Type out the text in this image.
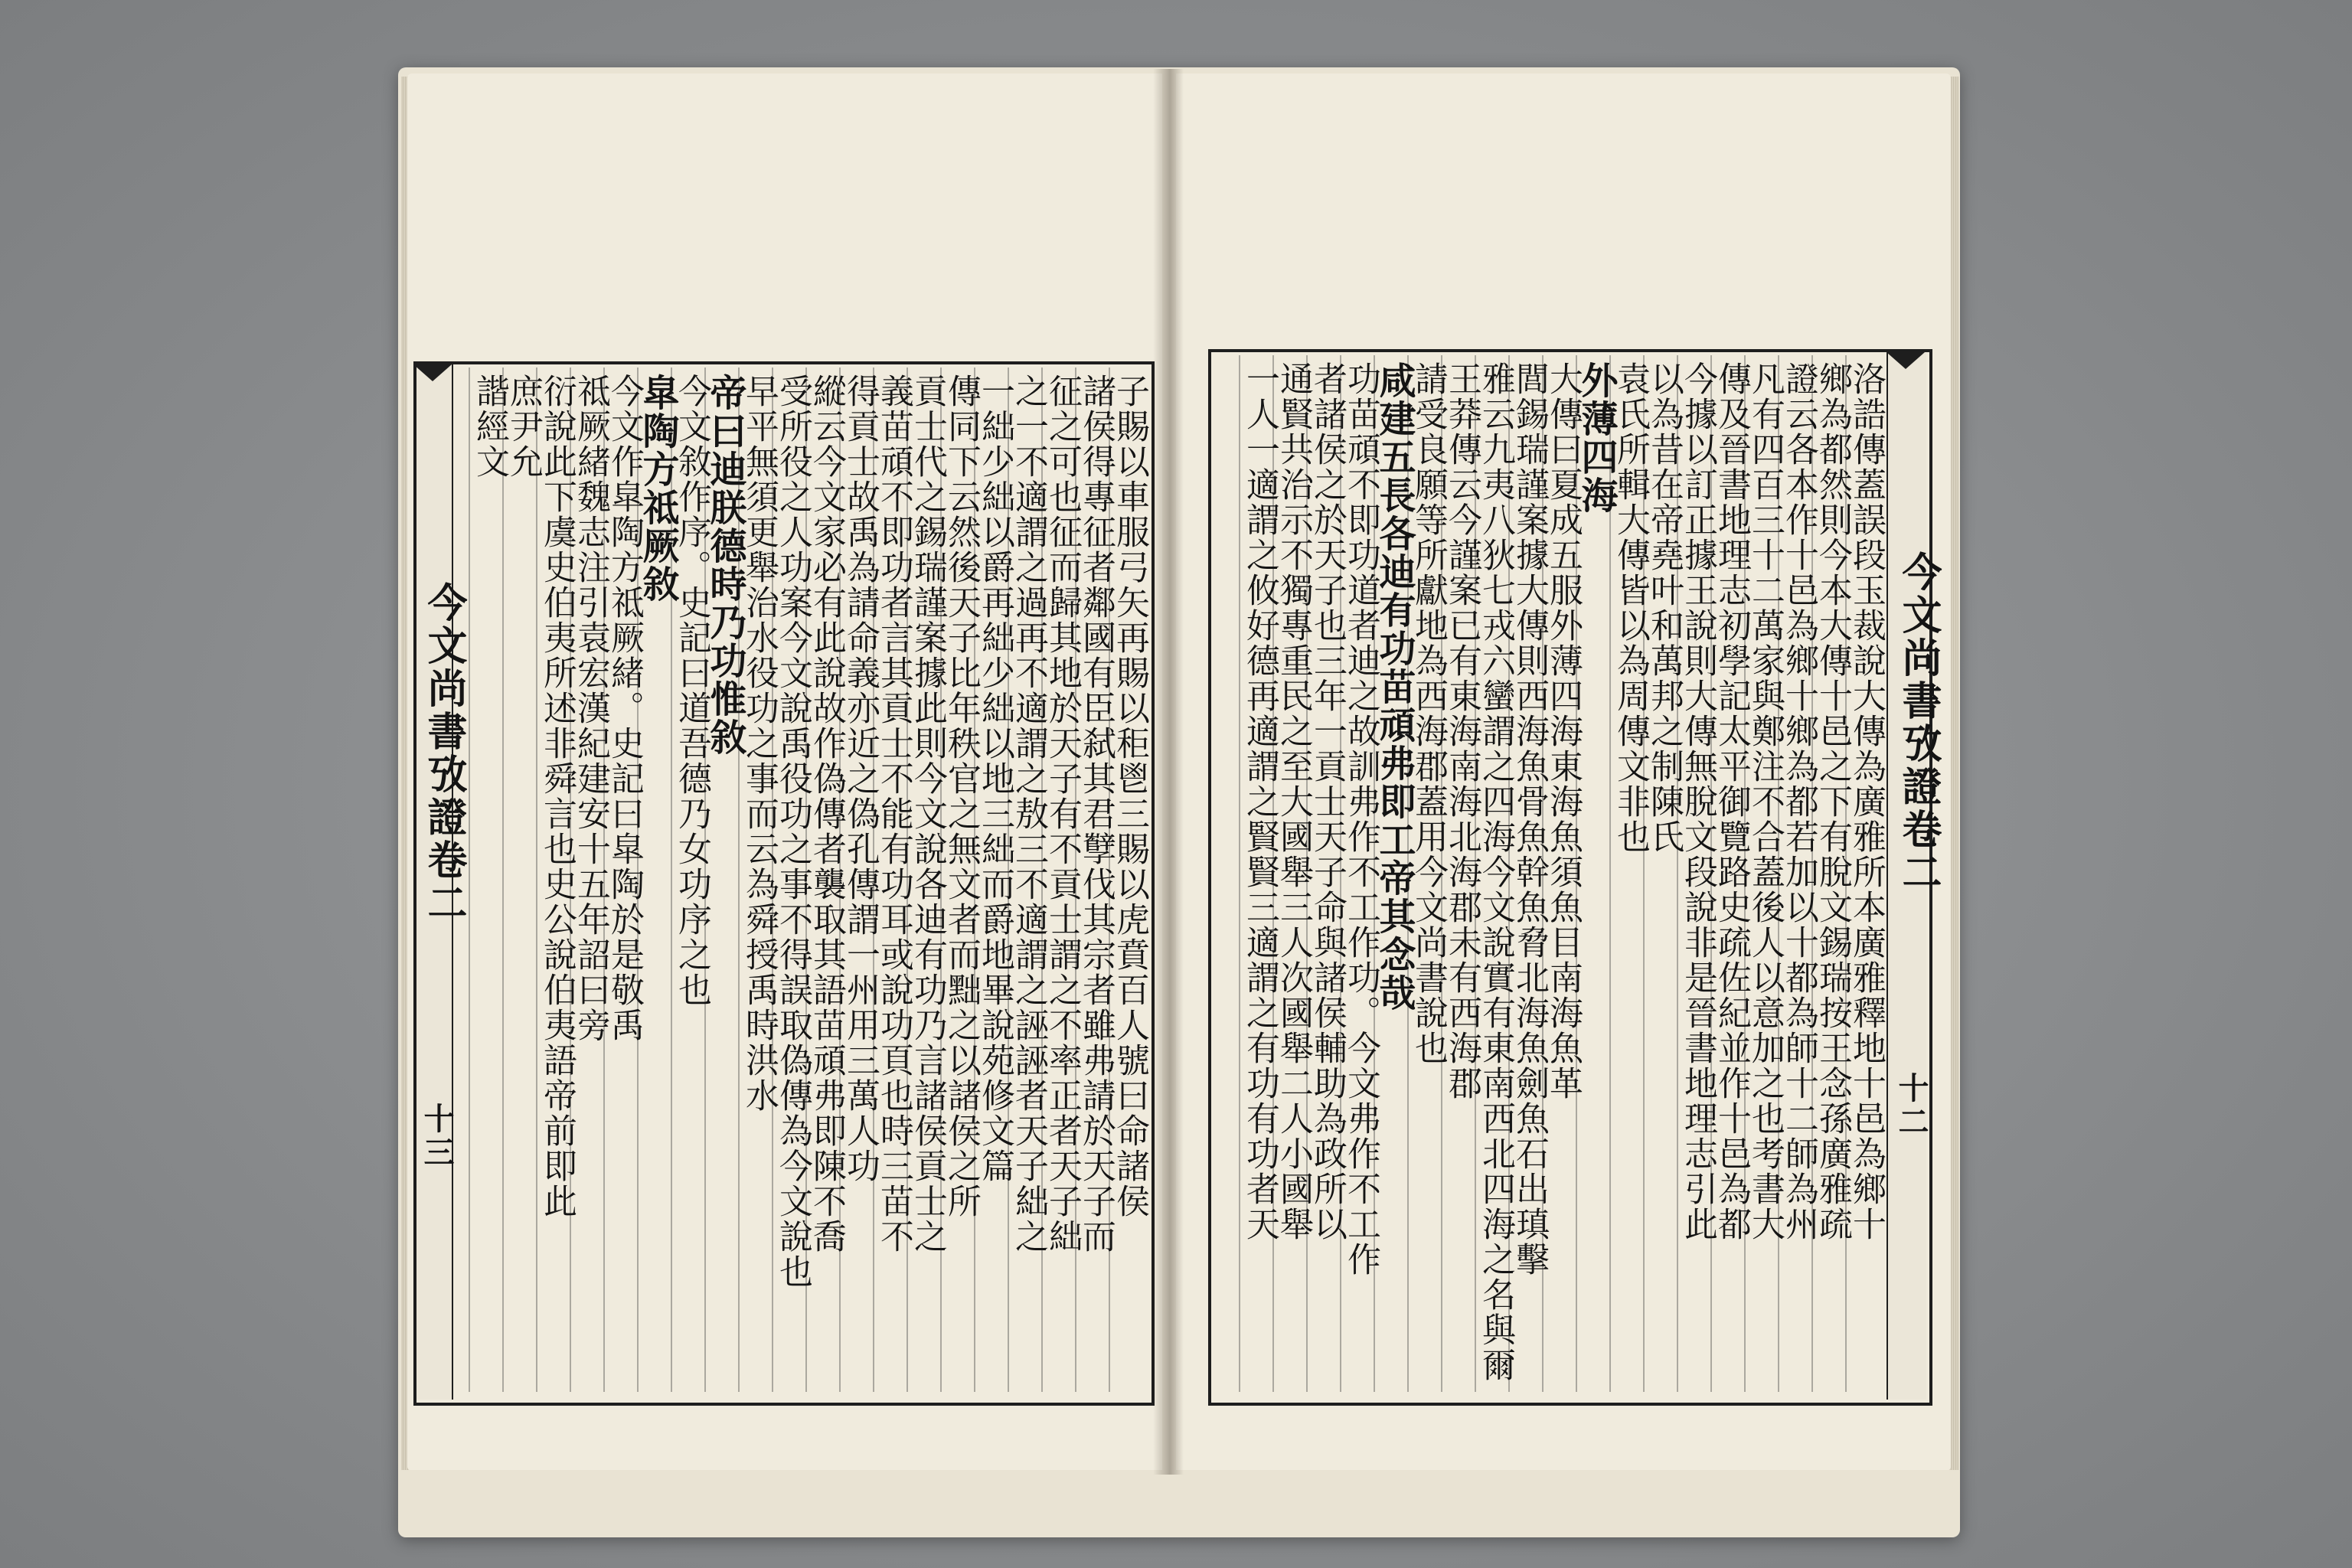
今文尚書攷證卷二
十三	子賜以車服弓矢再賜以秬鬯三賜以虎賁百人號曰命諸侯
諸侯得專征者鄰國有臣弑其君孼伐其宗者雖弗請於天子而
征之可也征而歸其地於天子有不貢士謂之不率正者天子絀
之一不適謂之過再不適謂之敖三不適謂之誣誣者天子絀之
一絀少絀以爵再絀少絀以地三絀而爵地畢說苑修文篇
傳同下云然後天子比年秩官之無文者而黜之以諸侯之所
貢士代之錫瑞謹案據此則今文說各迪有功乃言諸侯貢士之
義苗頑不即功者言其貢士不能有功耳或說功頁也時三苗不
得貢士故禹為請命義亦近之偽孔傳謂一州用三萬人功
縱云今文家必有此說故作偽傳者襲取其語苗頑弗即陳不喬
受所役之人功案今文說禹役功之事不得誤取偽傳為今文說也
早平無須更舉治水役功之事而云為舜授禹時洪水
帝曰迪朕德時乃功惟敘
今文敘作序。史記曰道吾德乃女功序之也
皐陶方祗厥敘
今文作皐陶方祗厥緒。史記曰皐陶於是敬禹
祗厥緒魏志注引袁宏漢紀建安十五年詔曰旁
衍說此下虞史伯夷所述非舜言也史公說伯夷語帝前即此
庶尹允
諧經文
今文尚書攷證卷二
十二
洛誥傳蓋誤段玉裁說大傳為廣雅所本廣雅釋地十邑為鄉十
鄉為都然則今本大傳十邑之下有脫文錫瑞按王念孫廣雅疏
證云各本作十邑為鄉十鄉為都若加以十都為師十二師為州
凡有四百三十二萬家與鄭注不合蓋後人以意加之也考書大
傳及晉書地理志初學記太平御覽路史疏佐紀並作十邑為都
今據以訂正據王說則大傳無脫文段說非是晉書地理志引此
以為昔在帝堯叶和萬邦之制陳氏
袁氏所輯大傳皆以為周傳文非也
外薄四海
大傳曰夏成五服外薄四海東海魚須魚目南海魚革
閭錫瑞謹案據大傳則西海魚骨魚幹魚脅北海魚劍魚石出瑱擊
雅云九夷八狄七戎六蠻謂之四海今文說實有東南西北四海之名與爾
王莽傳云今謹案已有東海南海北海郡未有西海郡
請受良願等所獻地為西海郡蓋用今文尚書說也
咸建五長各迪有功苗頑弗即工帝其念哉
功苗頑不即功道者迪之故訓弗作不工作功。今文弗作不工作
者諸侯之於天子也三年一貢士天子命與諸侯輔助為政所以
通賢共治示不獨專重民之至大國舉三人次國舉二人小國舉
一人一適謂之攸好德再適謂之賢賢三適謂之有功有功者天
